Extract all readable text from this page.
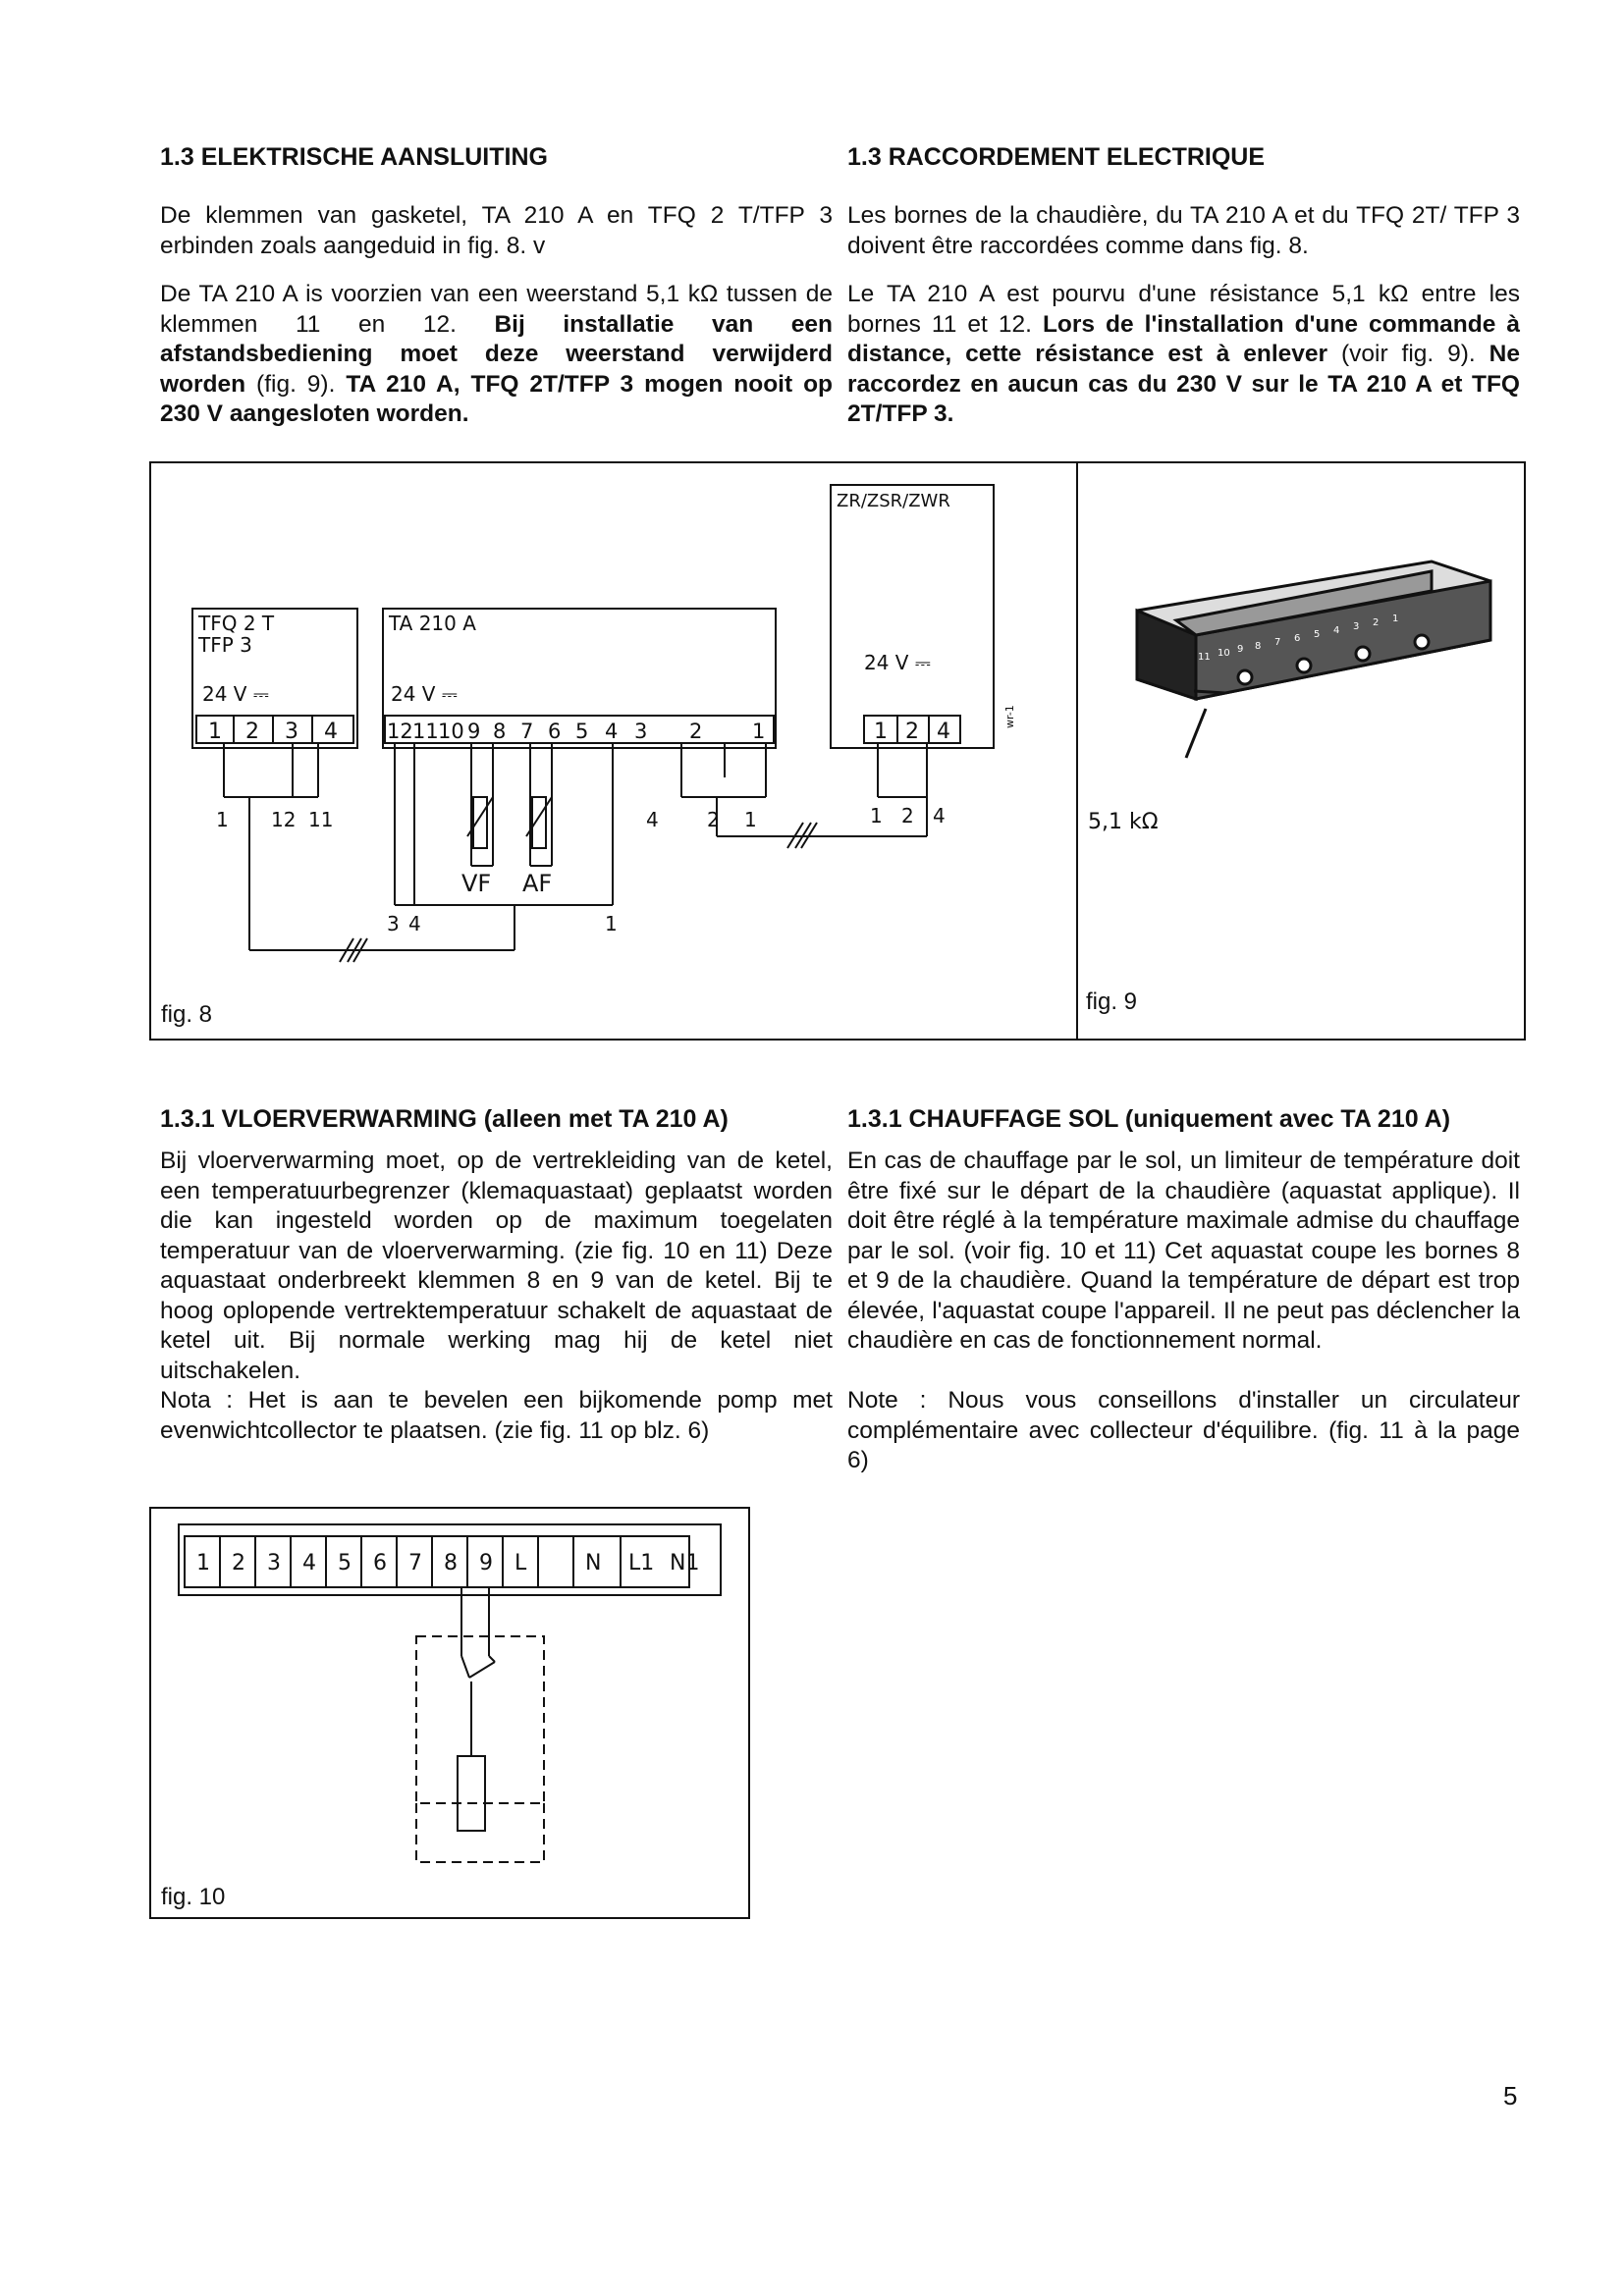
1.3 ELEKTRISCHE AANSLUITING

De klemmen van gasketel, TA 210 A en TFQ 2 T/TFP 3 erbinden zoals aangeduid in fig. 8. v

De TA 210 A is voorzien van een weerstand 5,1 kΩ tussen de klemmen 11 en 12. Bij installatie van een afstandsbediening moet deze weerstand verwijderd worden (fig. 9). TA 210 A, TFQ 2T/TFP 3 mogen nooit op 230 V aangesloten worden.

1.3 RACCORDEMENT ELECTRIQUE

Les bornes de la chaudière, du TA 210 A et du TFQ 2T/ TFP 3 doivent être raccordées comme dans fig. 8.

Le TA 210 A est pourvu d'une résistance 5,1 kΩ entre les bornes 11 et 12. Lors de l'installation d'une commande à distance, cette résistance est à enlever (voir fig. 9). Ne raccordez en aucun cas du 230 V sur le TA 210 A et TFQ 2T/TFP 3.

TFQ 2 T
TFP 3
24 V ⎓
1 2 3 4
1 12 11
TA 210 A
24 V ⎓
12 11 10 9 8 7 6 5 4 3 2 1
VF AF
3 4	1
4 2 1
ZR/ZSR/ZWR
24 V ⎓
1 2 4
1 2 4
wr-1
fig. 8
11 10 9 8 7 6 5 4 3 2 1
5,1 kΩ
fig. 9
1.3.1 VLOERVERWARMING (alleen met TA 210 A)

Bij vloerverwarming moet, op de vertrekleiding van de ketel, een temperatuurbegrenzer (klemaquastaat) geplaatst worden die kan ingesteld worden op de maximum toegelaten temperatuur van de vloerverwarming. (zie fig. 10 en 11) Deze aquastaat onderbreekt klemmen 8 en 9 van de ketel. Bij te hoog oplopende vertrektemperatuur schakelt de aquastaat de ketel uit. Bij normale werking mag hij de ketel niet uitschakelen.

Nota : Het is aan te bevelen een bijkomende pomp met evenwichtcollector te plaatsen. (zie fig. 11 op blz. 6)

1.3.1 CHAUFFAGE SOL (uniquement avec TA 210 A)

En cas de chauffage par le sol, un limiteur de température doit être fixé sur le départ de la chaudière (aquastat applique). Il doit être réglé à la température maximale admise du chauffage par le sol. (voir fig. 10 et 11) Cet aquastat coupe les bornes 8 et 9 de la chaudière. Quand la température de départ est trop élevée, l'aquastat coupe l'appareil. Il ne peut pas déclencher la chaudière en cas de fonctionnement normal.

Note : Nous vous conseillons d'installer un circulateur complémentaire avec collecteur d'équilibre. (fig. 11 à la page 6)

1 2 3 4 5 6 7 8 9 L	N L1 N1
fig. 10
5
